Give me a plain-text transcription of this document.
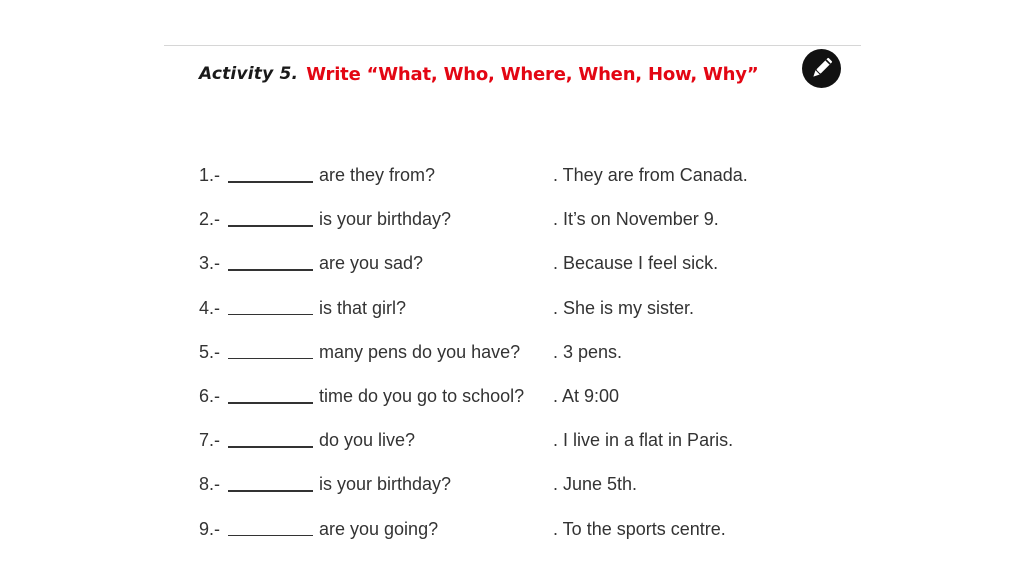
Activity 5. Write “What, Who, Where, When, How, Why”
1.-	are they from?	. They are from Canada.
2.-	is your birthday?	. It’s on November 9.
3.-	are you sad?	. Because I feel sick.
4.-	is that girl?	. She is my sister.
5.-	many pens do you have? . 3 pens.
6.-	time do you go to school? . At 9:00
7.-	do you live?	. I live in a flat in Paris.
8.-	is your birthday?	. June 5th.
9.-	are you going?	. To the sports centre.
